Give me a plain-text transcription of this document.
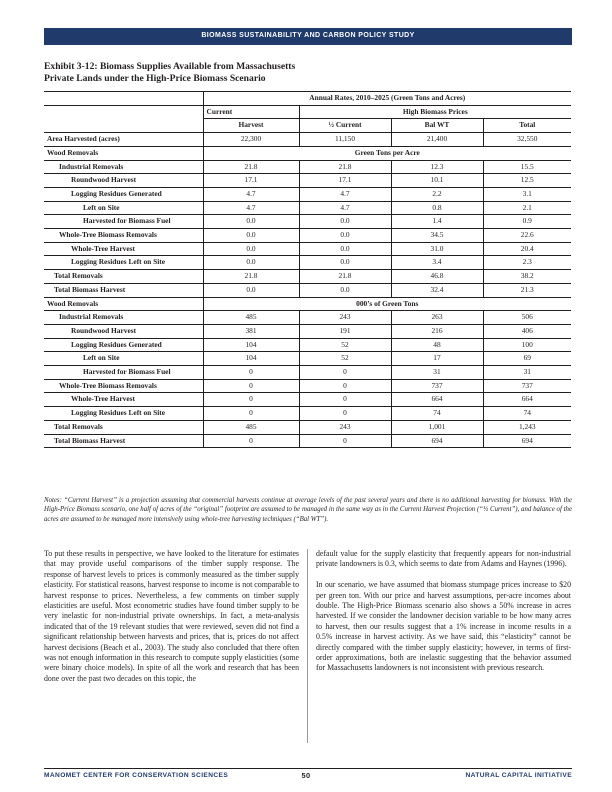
BIOMASS SUSTAINABILITY AND CARBON POLICY STUDY
Exhibit 3-12: Biomass Supplies Available from Massachusetts
Private Lands under the High-Price Biomass Scenario
	Annual Rates, 2010–2025 (Green Tons and Acres)			
	Current	High Biomass Prices		
	Harvest	½ Current	Bal WT	Total
Area Harvested (acres)	22,300	11,150	21,400	32,550
Wood Removals	Green Tons per Acre			
Industrial Removals	21.8	21.8	12.3	15.5
Roundwood Harvest	17.1	17.1	10.1	12.5
Logging Residues Generated	4.7	4.7	2.2	3.1
Left on Site	4.7	4.7	0.8	2.1
Harvested for Biomass Fuel	0.0	0.0	1.4	0.9
Whole-Tree Biomass Removals	0.0	0.0	34.5	22.6
Whole-Tree Harvest	0.0	0.0	31.0	20.4
Logging Residues Left on Site	0.0	0.0	3.4	2.3
Total Removals	21.8	21.8	46.8	38.2
Total Biomass Harvest	0.0	0.0	32.4	21.3
Wood Removals	000’s of Green Tons			
Industrial Removals	485	243	263	506
Roundwood Harvest	381	191	216	406
Logging Residues Generated	104	52	48	100
Left on Site	104	52	17	69
Harvested for Biomass Fuel	0	0	31	31
Whole-Tree Biomass Removals	0	0	737	737
Whole-Tree Harvest	0	0	664	664
Logging Residues Left on Site	0	0	74	74
Total Removals	485	243	1,001	1,243
Total Biomass Harvest	0	0	694	694
Notes: “Current Harvest” is a projection assuming that commercial harvests continue at average levels of the past several years and there is no additional harvesting for biomass. With the High-Price Biomass scenario, one half of acres of the “original” footprint are assumed to be managed in the same way as in the Current Harvest Projection (“½ Current”), and balance of the acres are assumed to be managed more intensively using whole-tree harvesting techniques (“Bal WT”).

To put these results in perspective, we have looked to the literature for estimates that may provide useful comparisons of the timber supply response. The response of harvest levels to prices is commonly measured as the timber supply elasticity. For statistical reasons, harvest response to income is not comparable to harvest response to prices. Nevertheless, a few comments on timber supply elasticities are useful. Most econometric studies have found timber supply to be very inelastic for non-industrial private ownerships. In fact, a meta-analysis indicated that of the 19 relevant studies that were reviewed, seven did not find a significant relationship between harvests and prices, that is, prices do not affect harvest decisions (Beach et al., 2003). The study also concluded that there often was not enough information in this research to compute supply elasticities (some were binary choice models). In spite of all the work and research that has been done over the past two decades on this topic, the

default value for the supply elasticity that frequently appears for non-industrial private landowners is 0.3, which seems to date from Adams and Haynes (1996).

In our scenario, we have assumed that biomass stumpage prices increase to $20 per green ton. With our price and harvest assumptions, per-acre incomes about double. The High-Price Biomass scenario also shows a 50% increase in acres harvested. If we consider the landowner decision variable to be how many acres to harvest, then our results suggest that a 1% increase in income results in a 0.5% increase in harvest activity. As we have said, this “elasticity” cannot be directly compared with the timber supply elasticity; however, in terms of first-order approximations, both are inelastic suggesting that the behavior assumed for Massachusetts landowners is not inconsistent with previous research.

MANOMET CENTER FOR CONSERVATION SCIENCES	50	NATURAL CAPITAL INITIATIVE
